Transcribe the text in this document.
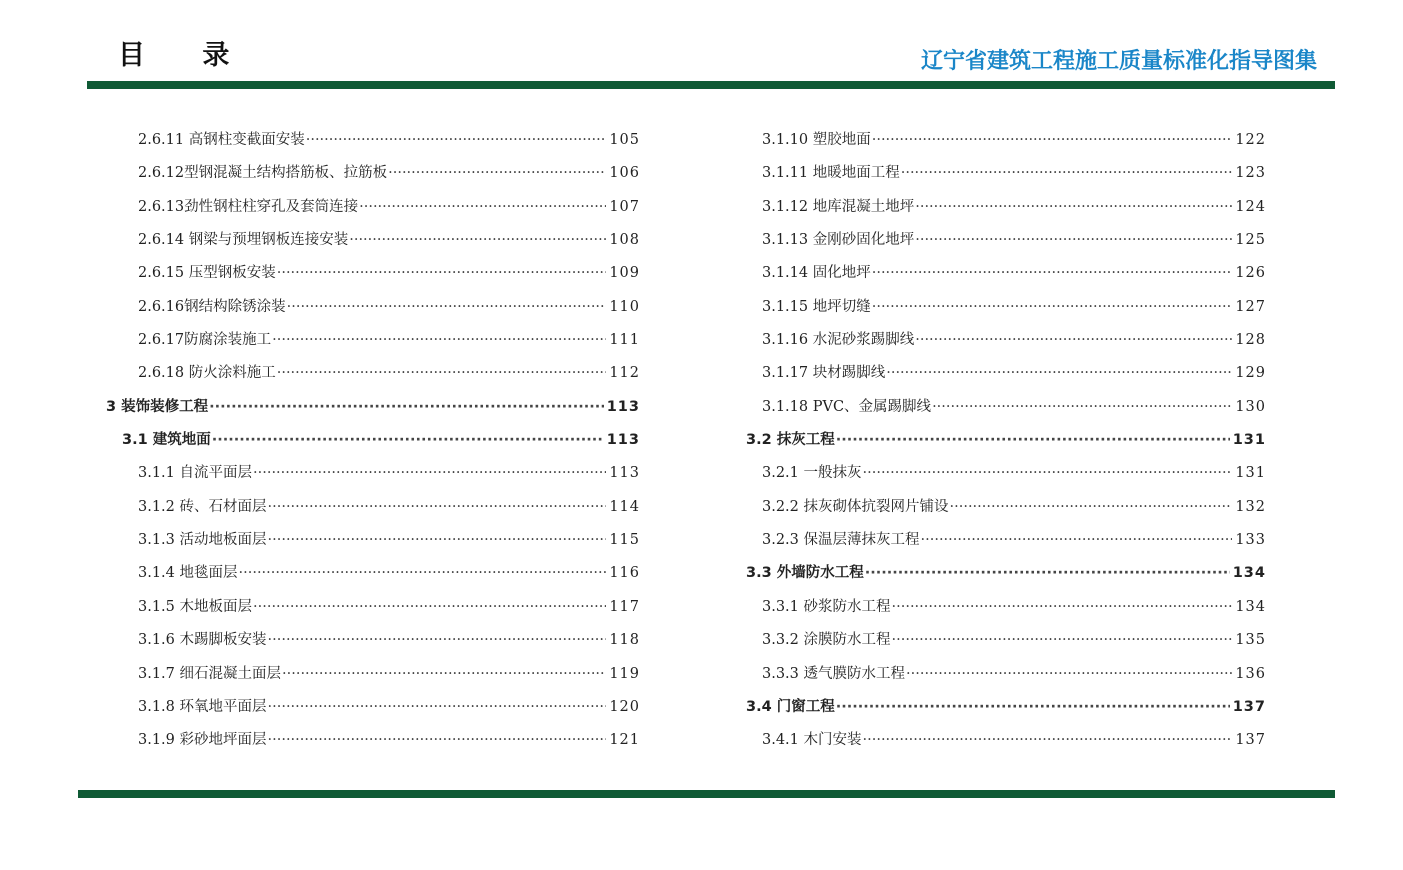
目 录	辽宁省建筑工程施工质量标准化指导图集
2.6.11 高钢柱变截面安装 ·····	105
2.6.12型钢混凝土结构搭筋板、拉筋板 ·····	106
2.6.13劲性钢柱柱穿孔及套筒连接 ·····	107
2.6.14 钢梁与预埋钢板连接安装 ·····	108
2.6.15 压型钢板安装 ·····	109
2.6.16钢结构除锈涂装 ·····	110
2.6.17防腐涂装施工 ·····	111
2.6.18 防火涂料施工 ·····	112
3 装饰装修工程 ·····	113
3.1 建筑地面 ·····	113
3.1.1 自流平面层 ·····	113
3.1.2 砖、石材面层 ·····	114
3.1.3 活动地板面层 ·····	115
3.1.4 地毯面层 ·····	116
3.1.5 木地板面层 ·····	117
3.1.6 木踢脚板安装 ·····	118
3.1.7 细石混凝土面层 ·····	119
3.1.8 环氧地平面层 ·····	120
3.1.9 彩砂地坪面层 ·····	121
3.1.10 塑胶地面 ·····	122
3.1.11 地暖地面工程 ·····	123
3.1.12 地库混凝土地坪 ·····	124
3.1.13 金刚砂固化地坪 ·····	125
3.1.14 固化地坪 ·····	126
3.1.15 地坪切缝 ·····	127
3.1.16 水泥砂浆踢脚线 ·····	128
3.1.17 块材踢脚线 ·····	129
3.1.18 PVC、金属踢脚线 ·····	130
3.2 抹灰工程 ·····	131
3.2.1 一般抹灰 ·····	131
3.2.2 抹灰砌体抗裂网片铺设 ·····	132
3.2.3 保温层薄抹灰工程 ·····	133
3.3 外墙防水工程 ·····	134
3.3.1 砂浆防水工程 ·····	134
3.3.2 涂膜防水工程 ·····	135
3.3.3 透气膜防水工程 ·····	136
3.4 门窗工程 ·····	137
3.4.1 木门安装 ·····	137
